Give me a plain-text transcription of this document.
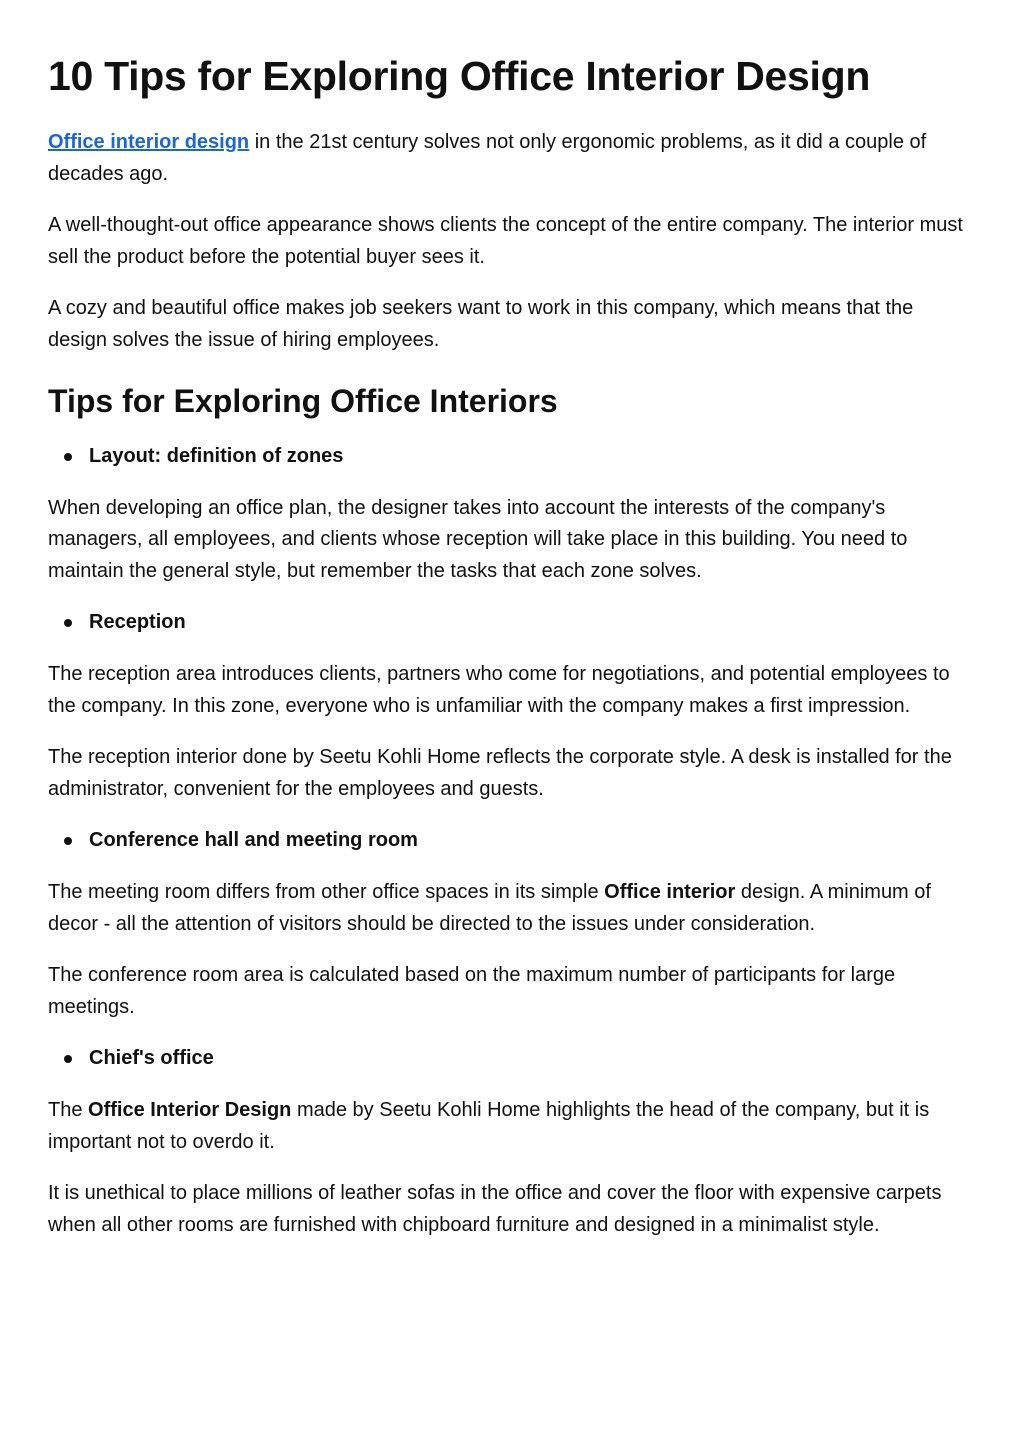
10 Tips for Exploring Office Interior Design

Office interior design in the 21st century solves not only ergonomic problems, as it did a couple of decades ago.

A well-thought-out office appearance shows clients the concept of the entire company. The interior must sell the product before the potential buyer sees it.

A cozy and beautiful office makes job seekers want to work in this company, which means that the design solves the issue of hiring employees.

Tips for Exploring Office Interiors
Layout: definition of zones

When developing an office plan, the designer takes into account the interests of the company's managers, all employees, and clients whose reception will take place in this building. You need to maintain the general style, but remember the tasks that each zone solves.

Reception

The reception area introduces clients, partners who come for negotiations, and potential employees to the company. In this zone, everyone who is unfamiliar with the company makes a first impression.

The reception interior done by Seetu Kohli Home reflects the corporate style. A desk is installed for the administrator, convenient for the employees and guests.

Conference hall and meeting room

The meeting room differs from other office spaces in its simple Office interior design. A minimum of decor - all the attention of visitors should be directed to the issues under consideration.

The conference room area is calculated based on the maximum number of participants for large meetings.

Chief's office

The Office Interior Design made by Seetu Kohli Home highlights the head of the company, but it is important not to overdo it.

It is unethical to place millions of leather sofas in the office and cover the floor with expensive carpets when all other rooms are furnished with chipboard furniture and designed in a minimalist style.
